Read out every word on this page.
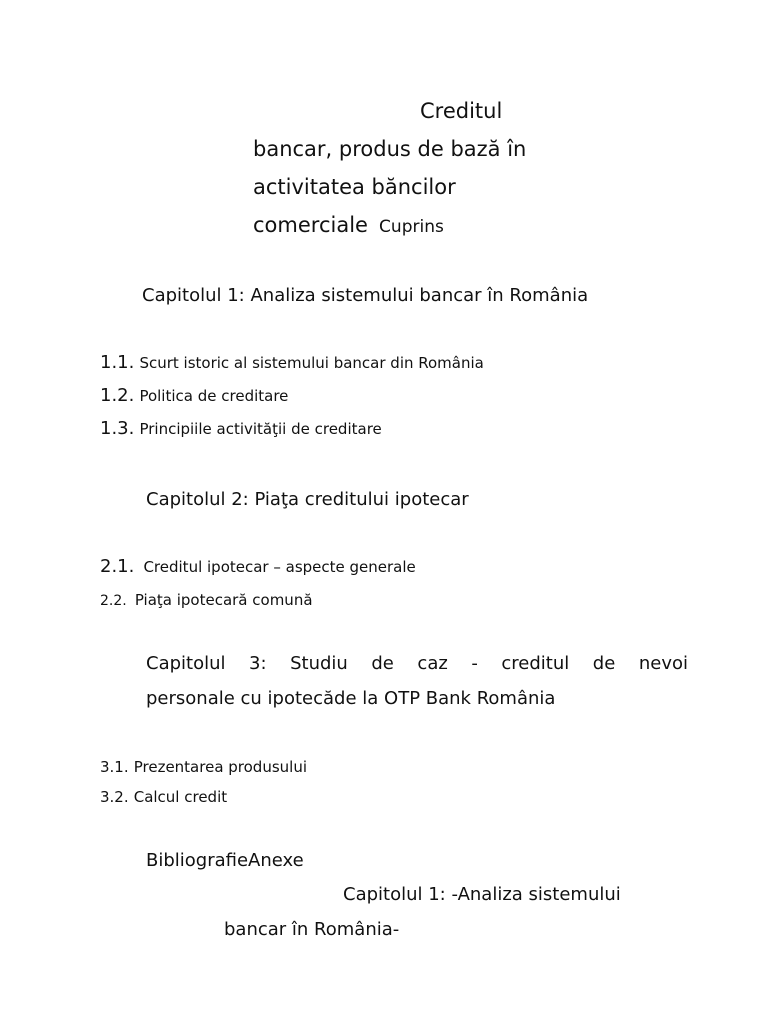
Creditul
bancar, produs de bază în
activitatea băncilor
comerciale Cuprins
Capitolul 1: Analiza sistemului bancar în România
1.1. Scurt istoric al sistemului bancar din România
1.2. Politica de creditare
1.3. Principiile activităţii de creditare
Capitolul 2: Piaţa creditului ipotecar
2.1. Creditul ipotecar – aspecte generale
2.2. Piaţa ipotecară comună
Capitolul 3: Studiu de caz - creditul de nevoi
personale cu ipotecăde la OTP Bank România
3.1. Prezentarea produsului
3.2. Calcul credit
BibliografieAnexe
Capitolul 1: -Analiza sistemului
bancar în România-
